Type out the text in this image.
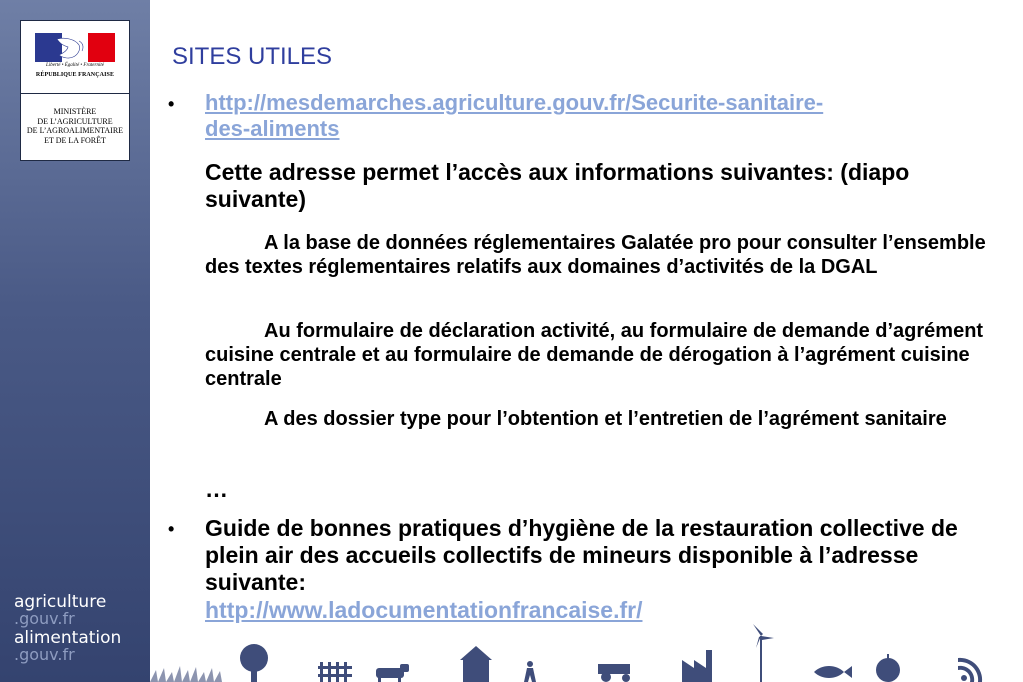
Liberté • Égalité • Fraternité
RÉPUBLIQUE FRANÇAISE
MINISTÈRE
DE L’AGRICULTURE
DE L’AGROALIMENTAIRE
ET DE LA FORÊT
agriculture
.gouv.fr
alimentation
.gouv.fr
SITES UTILES
• http://mesdemarches.agriculture.gouv.fr/Securite-sanitaire-
des-aliments

Cette adresse permet l’accès aux informations suivantes: (diapo suivante)

A la base de données réglementaires Galatée pro pour consulter l’ensemble des textes réglementaires relatifs aux domaines d’activités de la DGAL

Au formulaire de déclaration activité, au formulaire de demande d’agrément cuisine centrale et au formulaire de demande de dérogation à l’agrément cuisine centrale

A des dossier type pour l’obtention et l’entretien de l’agrément sanitaire

…

• Guide de bonnes pratiques d’hygiène de la restauration collective de plein air des accueils collectifs de mineurs disponible à l’adresse suivante:

http://www.ladocumentationfrancaise.fr/
